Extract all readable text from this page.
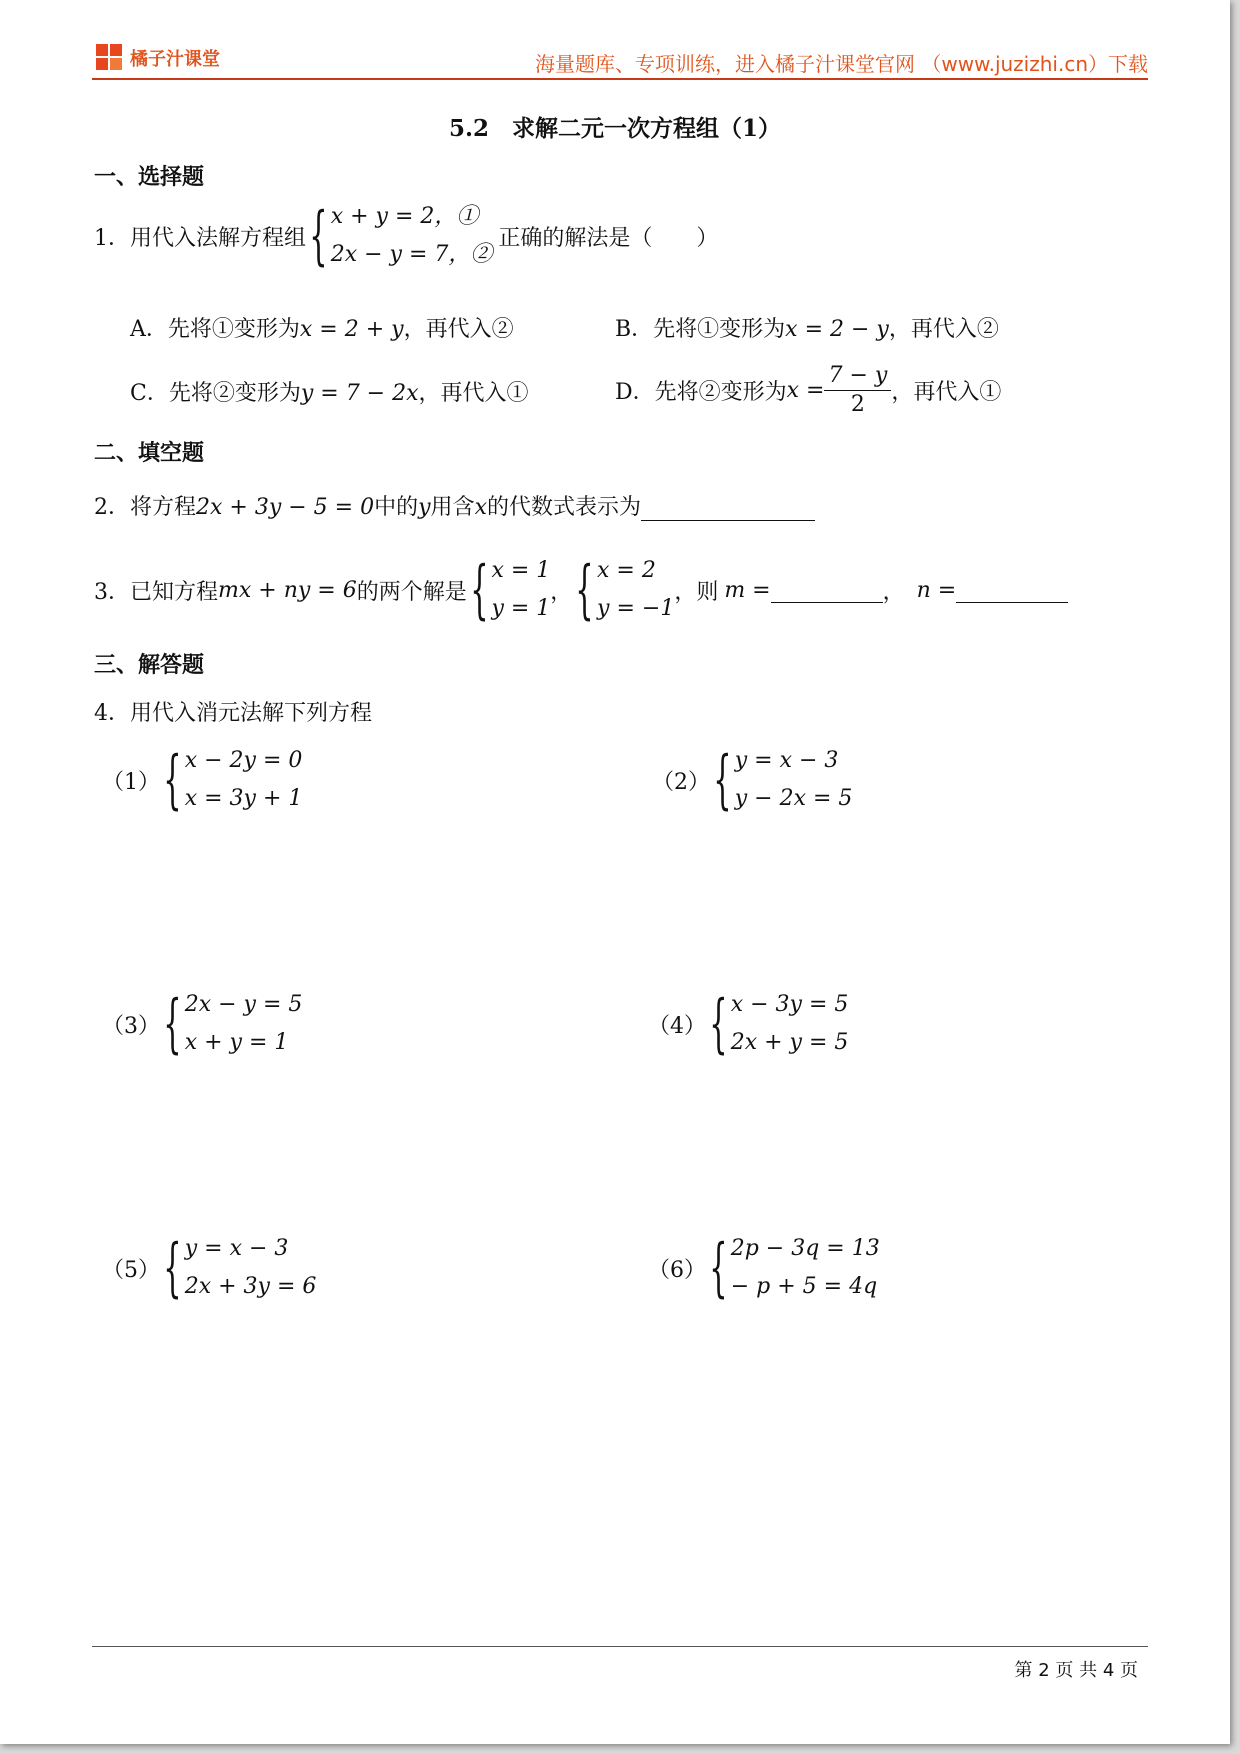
橘子汁课堂	海量题库、专项训练，进入橘子汁课堂官网 （www.juzizhi.cn）下载
5.2　求解二元一次方程组（1）
一、选择题
1．用代入法解方程组 { x + y = 2，①
2x − y = 7，②
正确的解法是（　　）
A．先将①变形为x = 2 + y，再代入②	B．先将①变形为x = 2 − y，再代入②
C．先将②变形为y = 7 − 2x，再代入①	D．先将②变形为 $x = \frac{7 - y}{2}$ ，再代入①
二、填空题
2．将方程2x + 3y − 5 = 0中的y用含x的代数式表示为
3．已知方程 mx + ny = 6 的两个解是 { x = 1
y = 1
， { x = 2
y = −1
，则 m =	， n =
三、解答题
4．用代入消元法解下列方程
（1） { x − 2y = 0
x = 3y + 1
（2） { y = x − 3
y − 2x = 5
（3） { 2x − y = 5
x + y = 1
（4） { x − 3y = 5
2x + y = 5
（5） { y = x − 3
2x + 3y = 6
（6） { 2p − 3q = 13
− p + 5 = 4q
第 2 页 共 4 页
